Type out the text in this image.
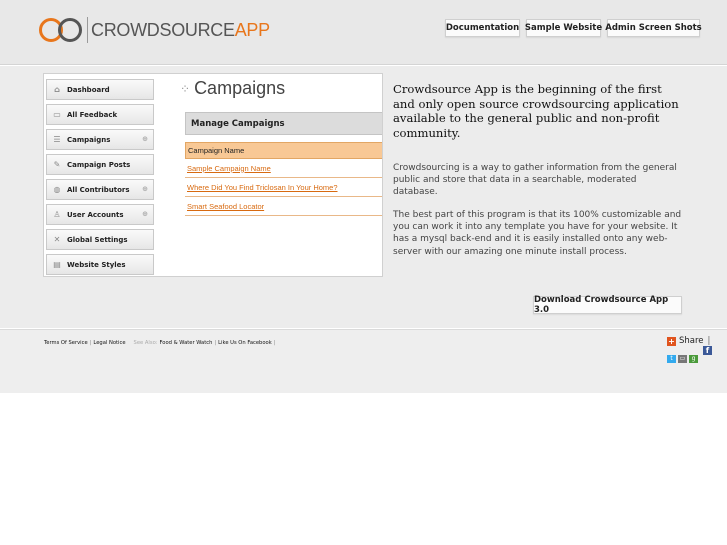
CROWDSOURCEAPP	Documentation Sample Website Admin Screen Shots
⌂	Dashboard
▭ All Feedback
☰ Campaigns	⊕
✎ Campaign Posts
◍ All Contributors ⊕
♙ User Accounts	⊕
✕ Global Settings
▤ Website Styles
⁘ Campaigns
Manage Campaigns
Campaign Name
Sample Campaign Name
Where Did You Find Triclosan In Your Home?
Smart Seafood Locator
Crowdsource App is the beginning of the first and only open source crowdsourcing application available to the general public and non-profit community.
Crowdsourcing is a way to gather information from the general public and store that data in a searchable, moderated database.
The best part of this program is that its 100% customizable and you can work it into any template you have for your website. It has a mysql back-end and it is easily installed onto any web-server with our amazing one minute install process.
Download Crowdsource App 3.0
Terms Of Service | Legal Notice See Also: Food & Water Watch | Like Us On Facebook |	+ Share |
f
t	▭	g
